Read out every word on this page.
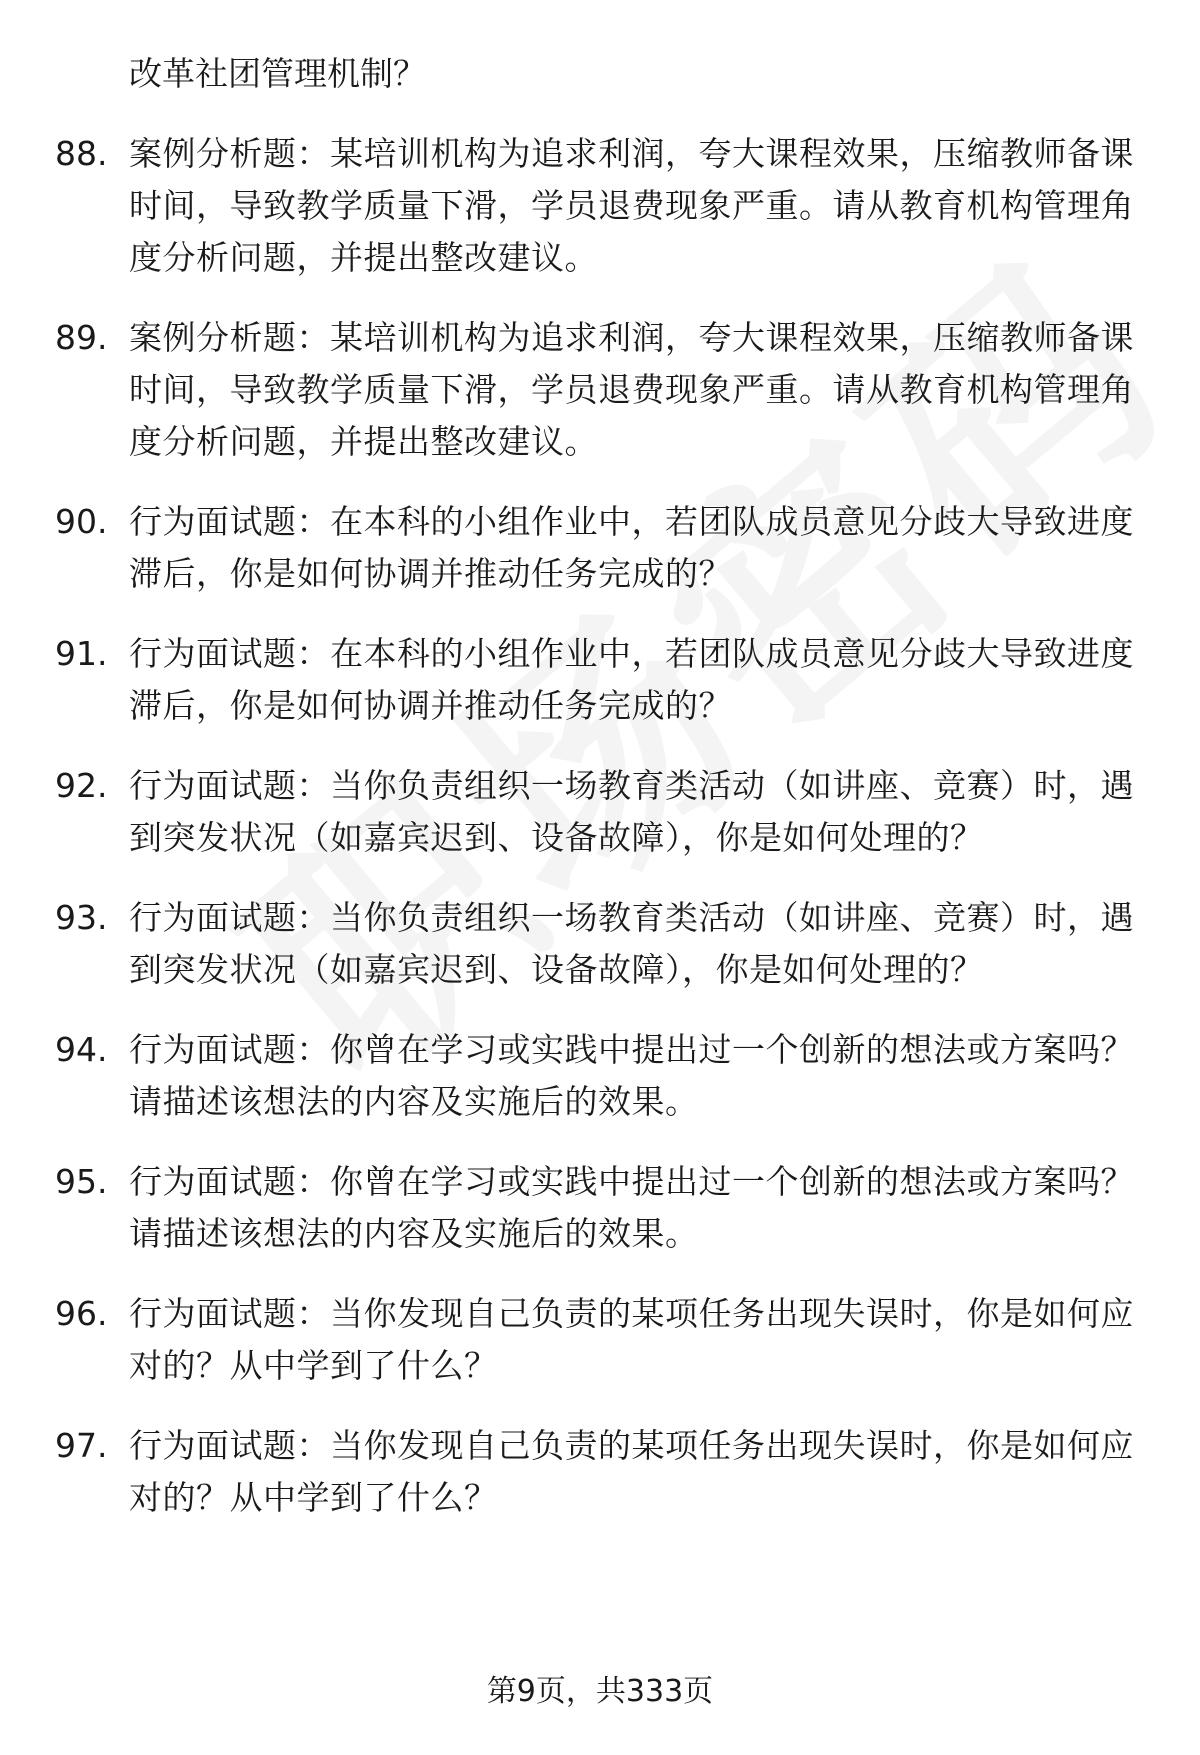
改革社团管理机制？
88. 案例分析题：某培训机构为追求利润，夸大课程效果，压缩教师备课时间，导致教学质量下滑，学员退费现象严重。请从教育机构管理角度分析问题，并提出整改建议。
89. 案例分析题：某培训机构为追求利润，夸大课程效果，压缩教师备课时间，导致教学质量下滑，学员退费现象严重。请从教育机构管理角度分析问题，并提出整改建议。
90. 行为面试题：在本科的小组作业中，若团队成员意见分歧大导致进度滞后，你是如何协调并推动任务完成的？
91. 行为面试题：在本科的小组作业中，若团队成员意见分歧大导致进度滞后，你是如何协调并推动任务完成的？
92. 行为面试题：当你负责组织一场教育类活动（如讲座、竞赛）时，遇到突发状况（如嘉宾迟到、设备故障），你是如何处理的？
93. 行为面试题：当你负责组织一场教育类活动（如讲座、竞赛）时，遇到突发状况（如嘉宾迟到、设备故障），你是如何处理的？
94. 行为面试题：你曾在学习或实践中提出过一个创新的想法或方案吗？请描述该想法的内容及实施后的效果。
95. 行为面试题：你曾在学习或实践中提出过一个创新的想法或方案吗？请描述该想法的内容及实施后的效果。
96. 行为面试题：当你发现自己负责的某项任务出现失误时，你是如何应对的？从中学到了什么？
97. 行为面试题：当你发现自己负责的某项任务出现失误时，你是如何应对的？从中学到了什么？
第9页，共333页
